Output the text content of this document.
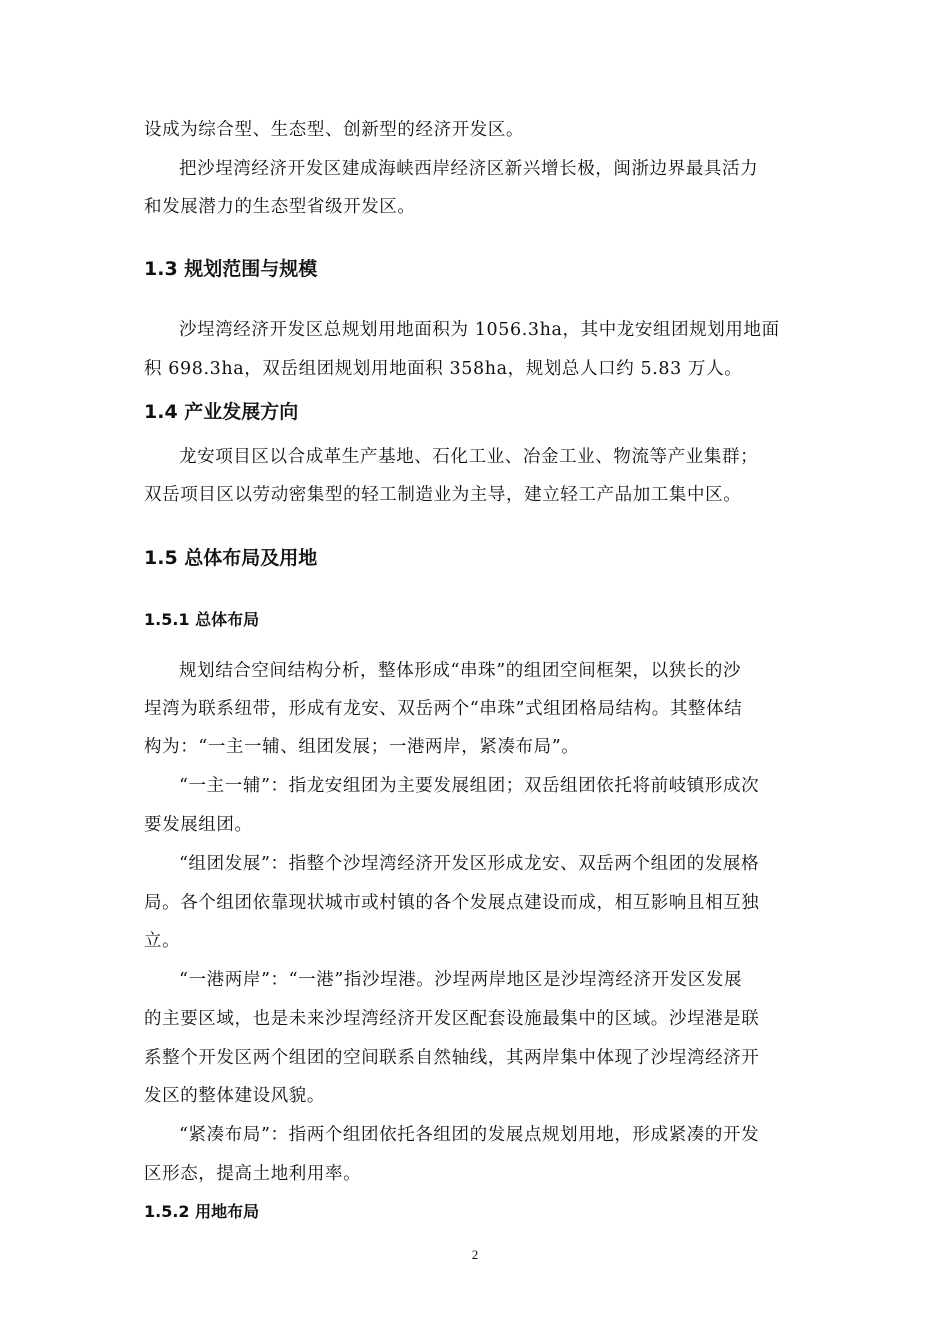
设成为综合型、生态型、创新型的经济开发区。
把沙埕湾经济开发区建成海峡西岸经济区新兴增长极，闽浙边界最具活力
和发展潜力的生态型省级开发区。
1.3 规划范围与规模
沙埕湾经济开发区总规划用地面积为 1056.3ha，其中龙安组团规划用地面
积 698.3ha，双岳组团规划用地面积 358ha，规划总人口约 5.83 万人。
1.4 产业发展方向
龙安项目区以合成革生产基地、石化工业、冶金工业、物流等产业集群；
双岳项目区以劳动密集型的轻工制造业为主导，建立轻工产品加工集中区。
1.5 总体布局及用地
1.5.1 总体布局
规划结合空间结构分析，整体形成“串珠”的组团空间框架，以狭长的沙
埕湾为联系纽带，形成有龙安、双岳两个“串珠”式组团格局结构。其整体结
构为：“一主一辅、组团发展；一港两岸，紧凑布局”。
“一主一辅”：指龙安组团为主要发展组团；双岳组团依托将前岐镇形成次
要发展组团。
“组团发展”：指整个沙埕湾经济开发区形成龙安、双岳两个组团的发展格
局。各个组团依靠现状城市或村镇的各个发展点建设而成，相互影响且相互独
立。
“一港两岸”：“一港”指沙埕港。沙埕两岸地区是沙埕湾经济开发区发展
的主要区域，也是未来沙埕湾经济开发区配套设施最集中的区域。沙埕港是联
系整个开发区两个组团的空间联系自然轴线，其两岸集中体现了沙埕湾经济开
发区的整体建设风貌。
“紧凑布局”：指两个组团依托各组团的发展点规划用地，形成紧凑的开发
区形态，提高土地利用率。
1.5.2 用地布局
2
